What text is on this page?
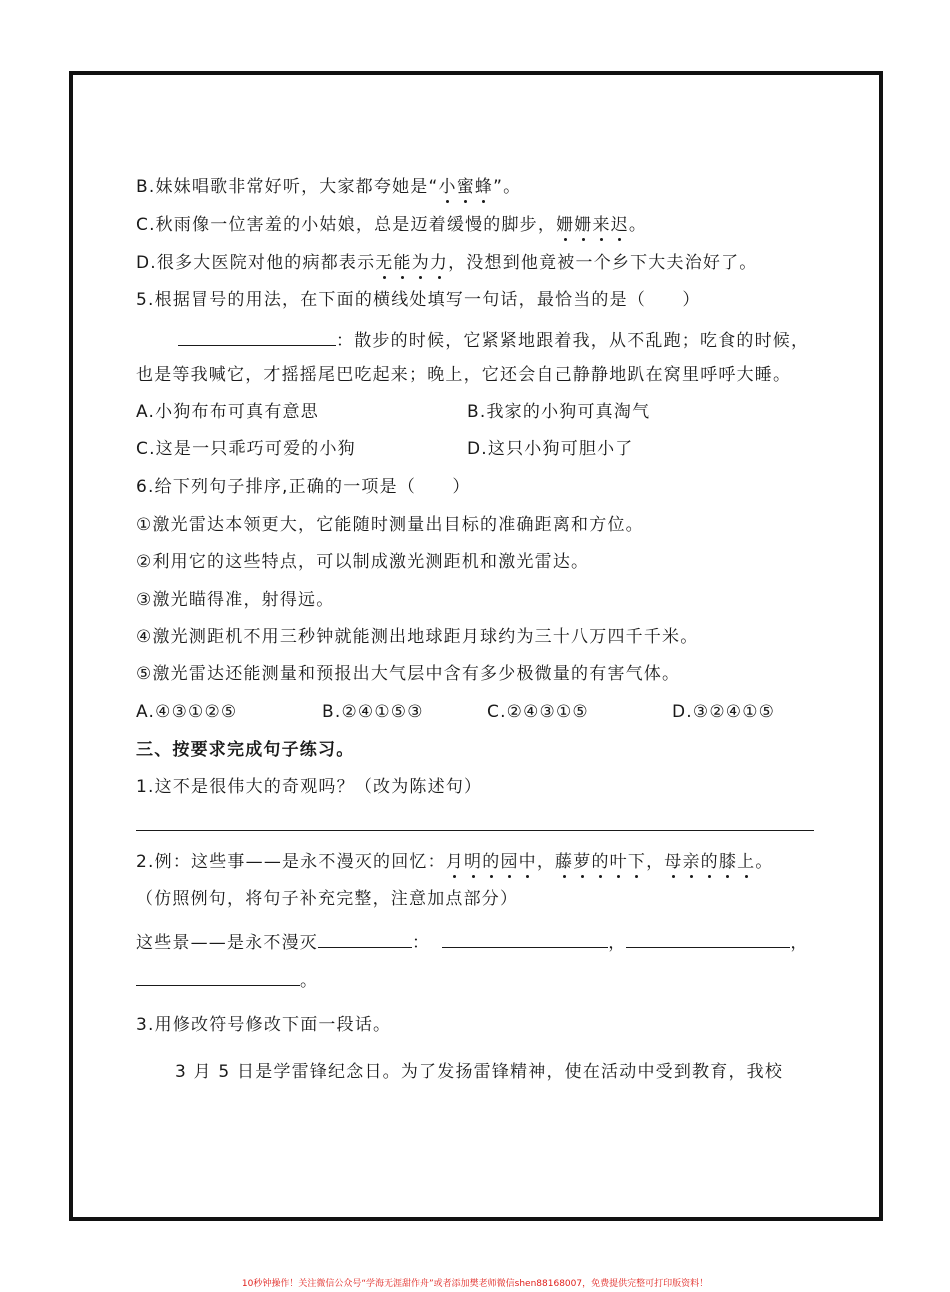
B.妹妹唱歌非常好听，大家都夸她是“小蜜蜂”。
C.秋雨像一位害羞的小姑娘，总是迈着缓慢的脚步，姗姗来迟。
D.很多大医院对他的病都表示无能为力，没想到他竟被一个乡下大夫治好了。
5.根据冒号的用法，在下面的横线处填写一句话，最恰当的是（　　）
：散步的时候，它紧紧地跟着我，从不乱跑；吃食的时候，
也是等我喊它，才摇摇尾巴吃起来；晚上，它还会自己静静地趴在窝里呼呼大睡。
A.小狗布布可真有意思	B.我家的小狗可真淘气
C.这是一只乖巧可爱的小狗	D.这只小狗可胆小了
6.给下列句子排序,正确的一项是（　　）
①激光雷达本领更大，它能随时测量出目标的准确距离和方位。
②利用它的这些特点，可以制成激光测距机和激光雷达。
③激光瞄得准，射得远。
④激光测距机不用三秒钟就能测出地球距月球约为三十八万四千千米。
⑤激光雷达还能测量和预报出大气层中含有多少极微量的有害气体。
A.④③①②⑤	B.②④①⑤③	C.②④③①⑤	D.③②④①⑤
三、按要求完成句子练习。
1.这不是很伟大的奇观吗？（改为陈述句）
2.例：这些事——是永不漫灭的回忆：月明的园中，藤萝的叶下，母亲的膝上。
（仿照例句，将句子补充完整，注意加点部分）
这些景——是永不漫灭	：	，	，
。
3.用修改符号修改下面一段话。
3 月 5 日是学雷锋纪念日。为了发扬雷锋精神，使在活动中受到教育，我校
10秒钟操作！关注微信公众号“学海无涯甜作舟”或者添加樊老师微信shen88168007，免费提供完整可打印版资料！
